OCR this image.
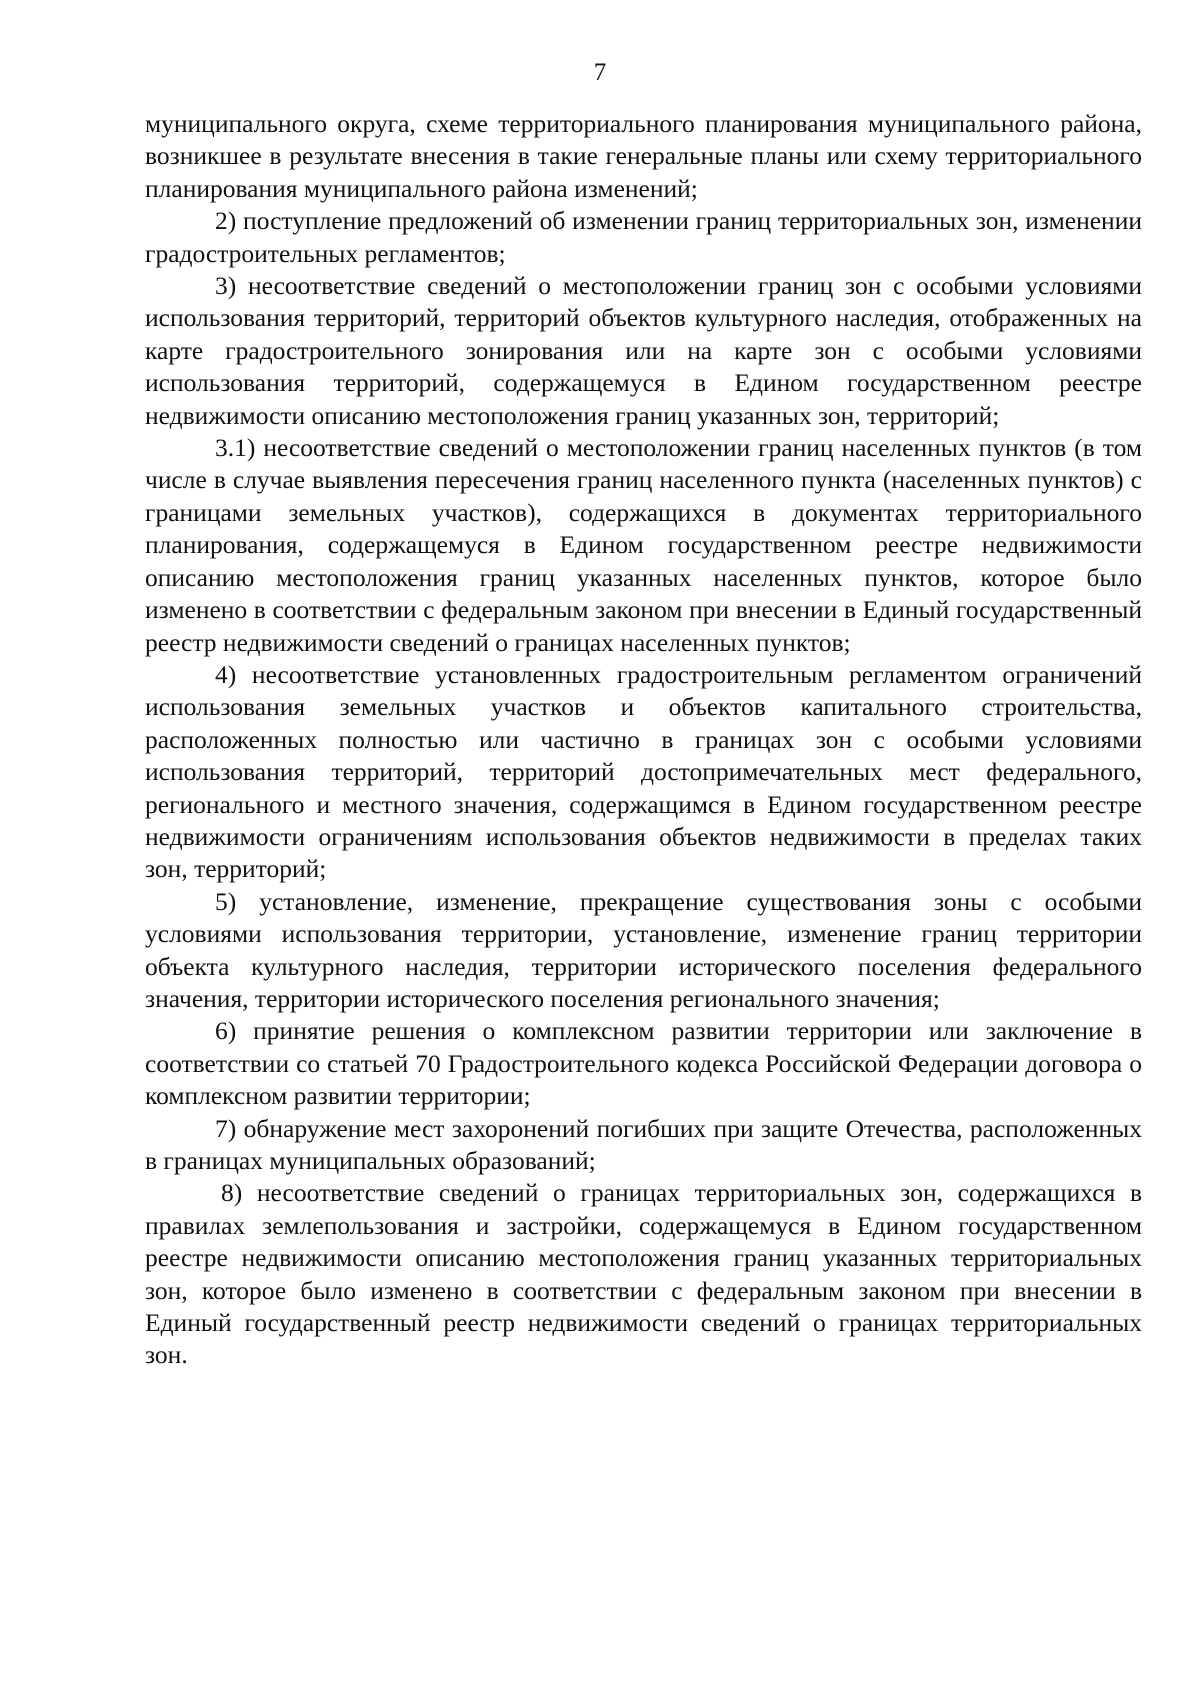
7

муниципального округа, схеме территориального планирования муниципального района, возникшее в результате внесения в такие генеральные планы или схему территориального планирования муниципального района изменений;

2) поступление предложений об изменении границ территориальных зон, изменении градостроительных регламентов;

3) несоответствие сведений о местоположении границ зон с особыми условиями использования территорий, территорий объектов культурного наследия, отображенных на карте градостроительного зонирования или на карте зон с особыми условиями использования территорий, содержащемуся в Едином государственном реестре недвижимости описанию местоположения границ указанных зон, территорий;

3.1) несоответствие сведений о местоположении границ населенных пунктов (в том числе в случае выявления пересечения границ населенного пункта (населенных пунктов) с границами земельных участков), содержащихся в документах территориального планирования, содержащемуся в Едином государственном реестре недвижимости описанию местоположения границ указанных населенных пунктов, которое было изменено в соответствии с федеральным законом при внесении в Единый государственный реестр недвижимости сведений о границах населенных пунктов;

4) несоответствие установленных градостроительным регламентом ограничений использования земельных участков и объектов капитального строительства, расположенных полностью или частично в границах зон с особыми условиями использования территорий, территорий достопримечательных мест федерального, регионального и местного значения, содержащимся в Едином государственном реестре недвижимости ограничениям использования объектов недвижимости в пределах таких зон, территорий;

5) установление, изменение, прекращение существования зоны с особыми условиями использования территории, установление, изменение границ территории объекта культурного наследия, территории исторического поселения федерального значения, территории исторического поселения регионального значения;

6) принятие решения о комплексном развитии территории или заключение в соответствии со статьей 70 Градостроительного кодекса Российской Федерации договора о комплексном развитии территории;

7) обнаружение мест захоронений погибших при защите Отечества, расположенных в границах муниципальных образований;

8) несоответствие сведений о границах территориальных зон, содержащихся в правилах землепользования и застройки, содержащемуся в Едином государственном реестре недвижимости описанию местоположения границ указанных территориальных зон, которое было изменено в соответствии с федеральным законом при внесении в Единый государственный реестр недвижимости сведений о границах территориальных зон.
